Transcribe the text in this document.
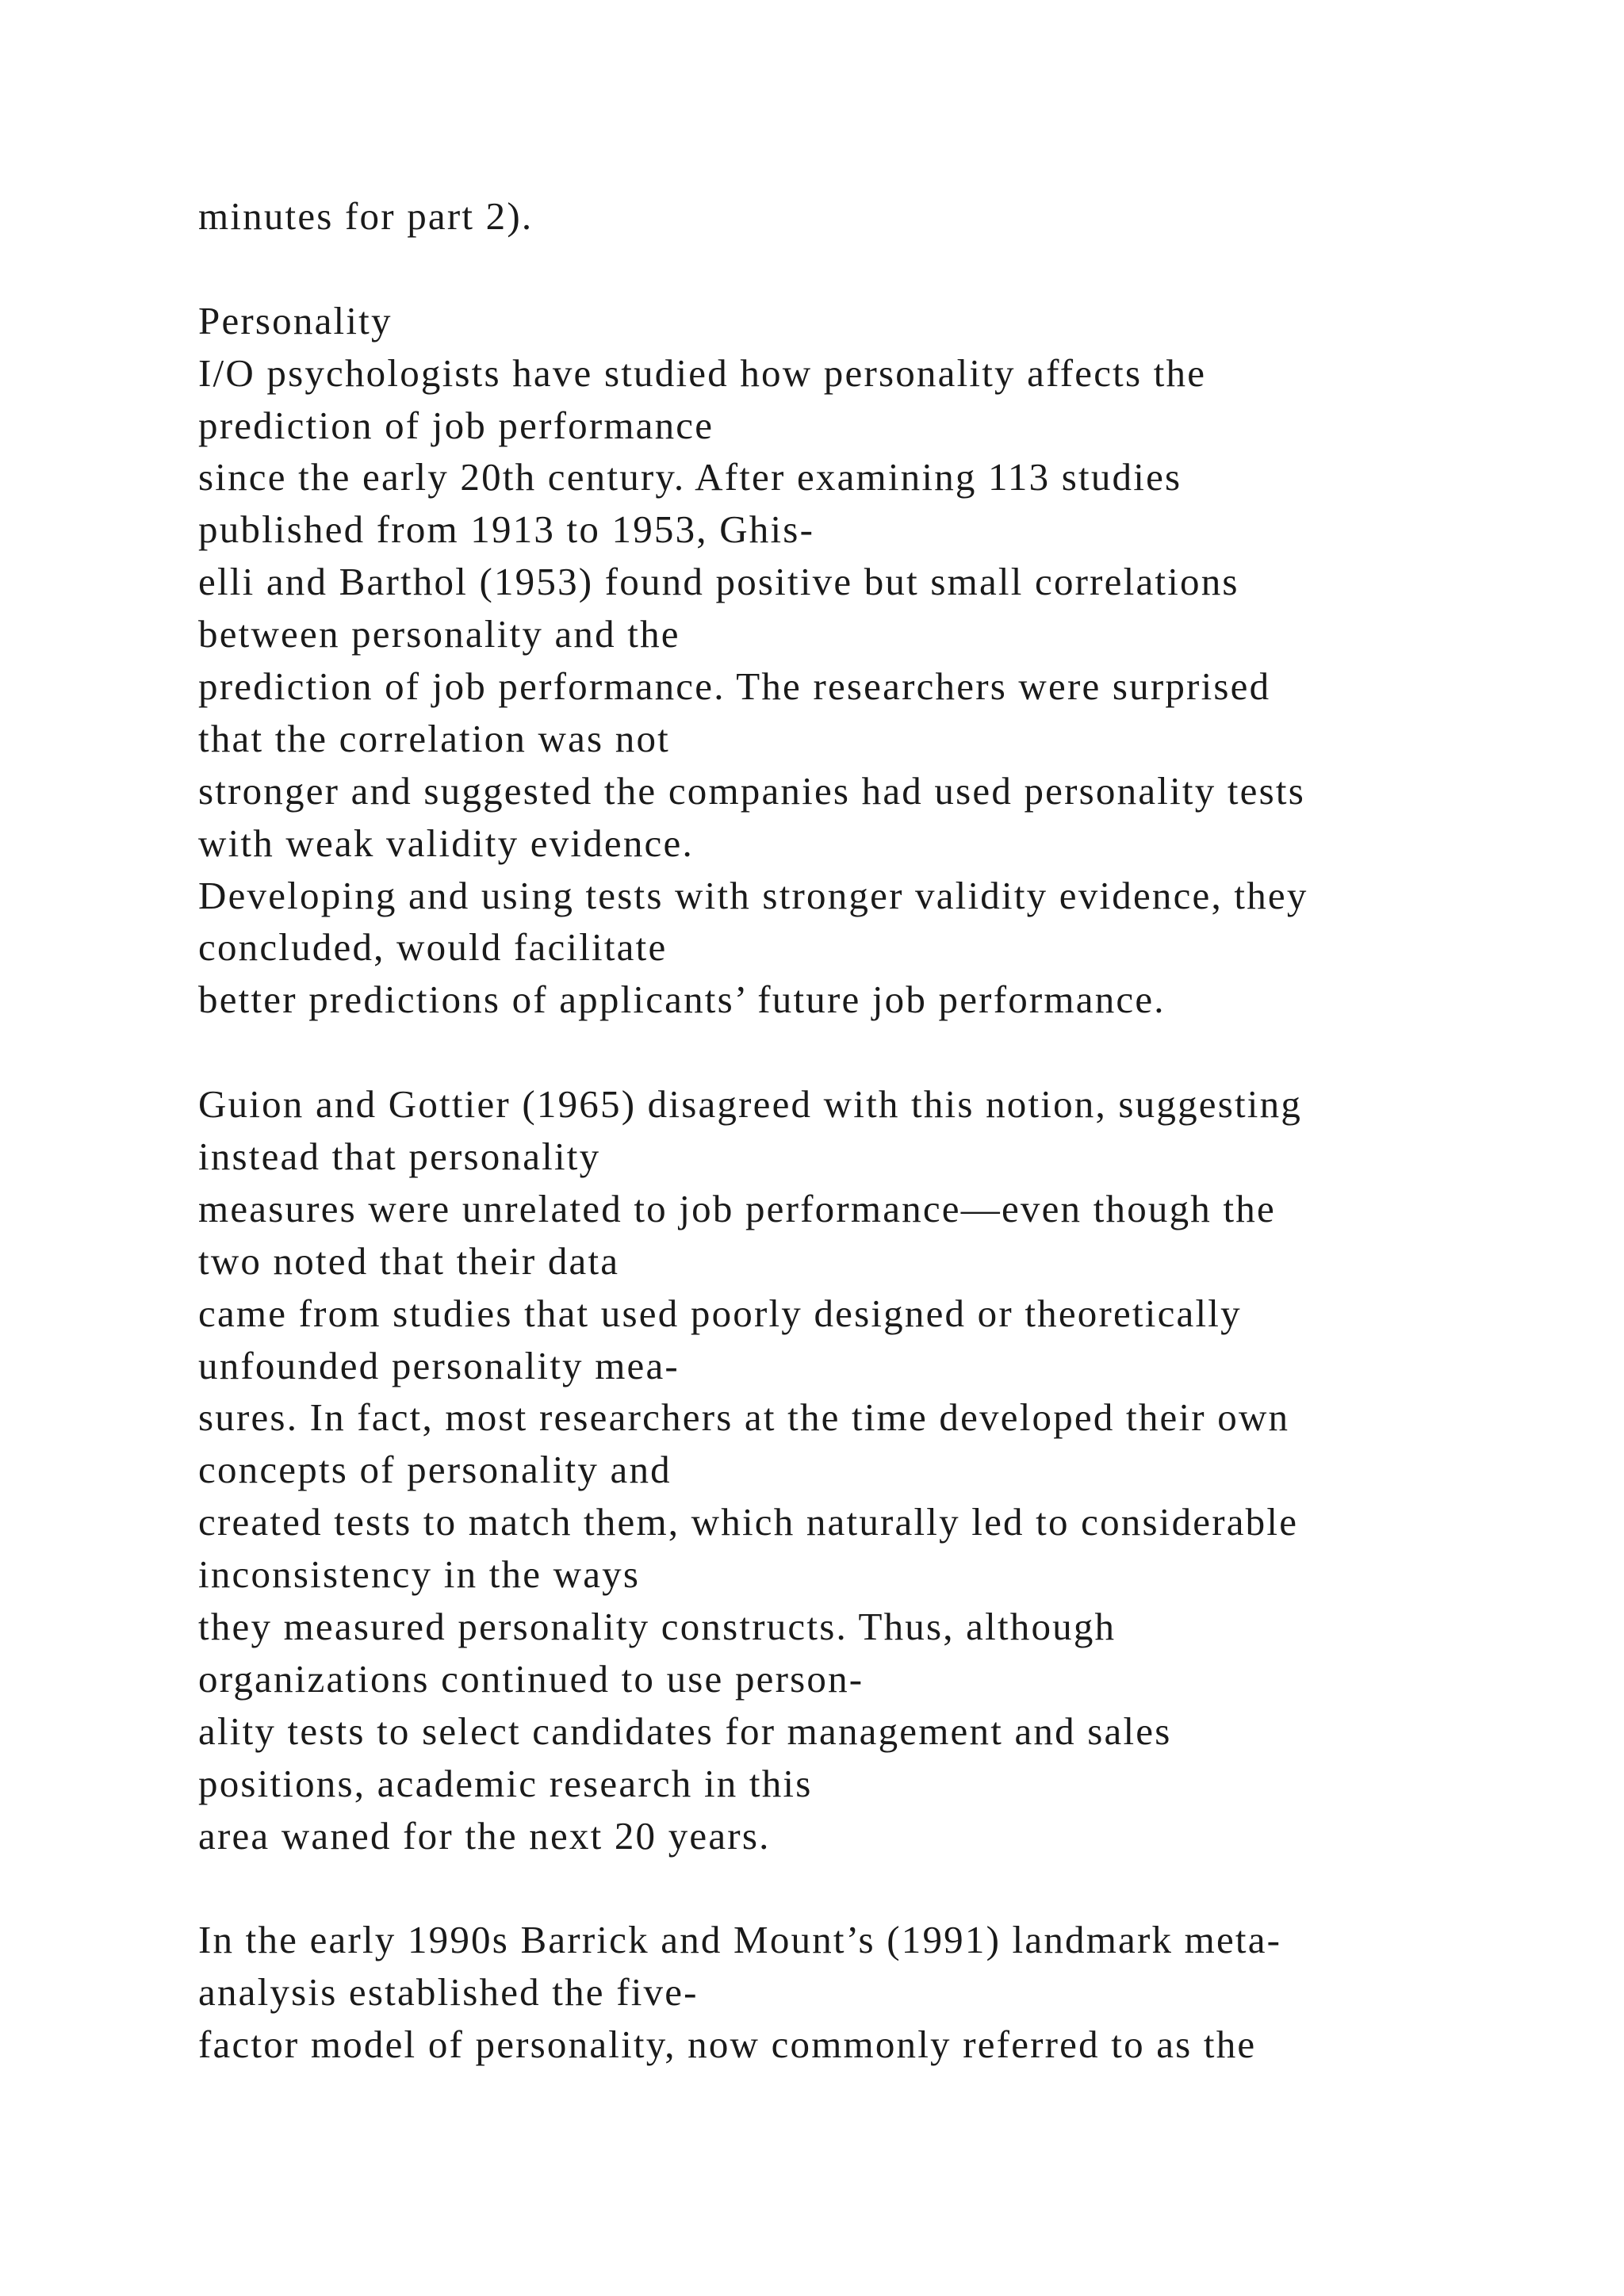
minutes for part 2).
Personality
I/O psychologists have studied how personality affects the
prediction of job performance
since the early 20th century. After examining 113 studies
published from 1913 to 1953, Ghis-
elli and Barthol (1953) found positive but small correlations
between personality and the
prediction of job performance. The researchers were surprised
that the correlation was not
stronger and suggested the companies had used personality tests
with weak validity evidence.
Developing and using tests with stronger validity evidence, they
concluded, would facilitate
better predictions of applicants’ future job performance.
Guion and Gottier (1965) disagreed with this notion, suggesting
instead that personality
measures were unrelated to job performance—even though the
two noted that their data
came from studies that used poorly designed or theoretically
unfounded personality mea-
sures. In fact, most researchers at the time developed their own
concepts of personality and
created tests to match them, which naturally led to considerable
inconsistency in the ways
they measured personality constructs. Thus, although
organizations continued to use person-
ality tests to select candidates for management and sales
positions, academic research in this
area waned for the next 20 years.
In the early 1990s Barrick and Mount’s (1991) landmark meta-
analysis established the five-
factor model of personality, now commonly referred to as the
